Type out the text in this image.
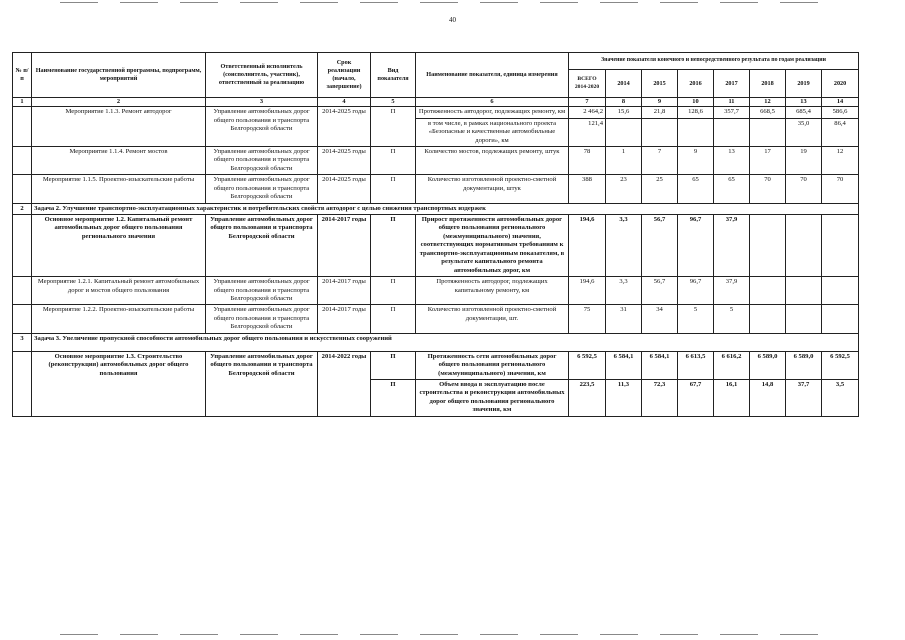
40
№ п/п	Наименование государственной программы, подпрограмм, мероприятий	Ответственный исполнитель (соисполнитель, участник), ответственный за реализацию	Срок реализации (начало, завершение)	Вид показателя	Наименование показателя, единица измерения	Значение показателя конечного и непосредственного результата по годам реализации							
						ВСЕГО 2014-2020	2014	2015	2016	2017	2018	2019	2020
1	2	3	4	5	6	7	8	9	10	11	12	13	14
	Мероприятие 1.1.3. Ремонт автодорог	Управление автомобильных дорог общего пользования и транспорта Белгородской области	2014-2025 годы	П	Протяженность автодорог, подлежащих ремонту, км	2 464,2	15,6	21,8	128,6	357,7	668,5	685,4	586,6
					в том числе, в рамках национального проекта «Безопасные и качественные автомобильные дороги», км	121,4						35,0	86,4
	Мероприятие 1.1.4. Ремонт мостов	Управление автомобильных дорог общего пользования и транспорта Белгородской области	2014-2025 годы	П	Количество мостов, подлежащих ремонту, штук	78	1	7	9	13	17	19	12
	Мероприятие 1.1.5. Проектно-изыскательские работы	Управление автомобильных дорог общего пользования и транспорта Белгородской области	2014-2025 годы	П	Количество изготовленной проектно-сметной документации, штук	388	23	25	65	65	70	70	70
2	Задача 2. Улучшение транспортно-эксплуатационных характеристик и потребительских свойств автодорог с целью снижения транспортных издержек												
	Основное мероприятие 1.2. Капитальный ремонт автомобильных дорог общего пользования регионального значения	Управление автомобильных дорог общего пользования и транспорта Белгородской области	2014-2017 годы	П	Прирост протяженности автомобильных дорог общего пользования регионального (межмуниципального) значения, соответствующих нормативным требованиям к транспортно-эксплуатационным показателям, в результате капитального ремонта автомобильных дорог, км	194,6	3,3	56,7	96,7	37,9			
	Мероприятие 1.2.1. Капитальный ремонт автомобильных дорог и мостов общего пользования	Управление автомобильных дорог общего пользования и транспорта Белгородской области	2014-2017 годы	П	Протяженность автодорог, подлежащих капитальному ремонту, км	194,6	3,3	56,7	96,7	37,9			
	Мероприятие 1.2.2. Проектно-изыскательские работы	Управление автомобильных дорог общего пользования и транспорта Белгородской области	2014-2017 годы	П	Количество изготовленной проектно-сметной документации, шт.	75	31	34	5	5			
3	Задача 3. Увеличение пропускной способности автомобильных дорог общего пользования и искусственных сооружений												
	Основное мероприятие 1.3. Строительство (реконструкция) автомобильных дорог общего пользования	Управление автомобильных дорог общего пользования и транспорта Белгородской области	2014-2022 годы	П	Протяженность сети автомобильных дорог общего пользования регионального (межмуниципального) значения, км	6 592,5	6 584,1	6 584,1	6 613,5	6 616,2	6 589,0	6 589,0	6 592,5
				П	Объем ввода в эксплуатацию после строительства и реконструкции автомобильных дорог общего пользования регионального значения, км	223,5	11,3	72,3	67,7	16,1	14,8	37,7	3,5
